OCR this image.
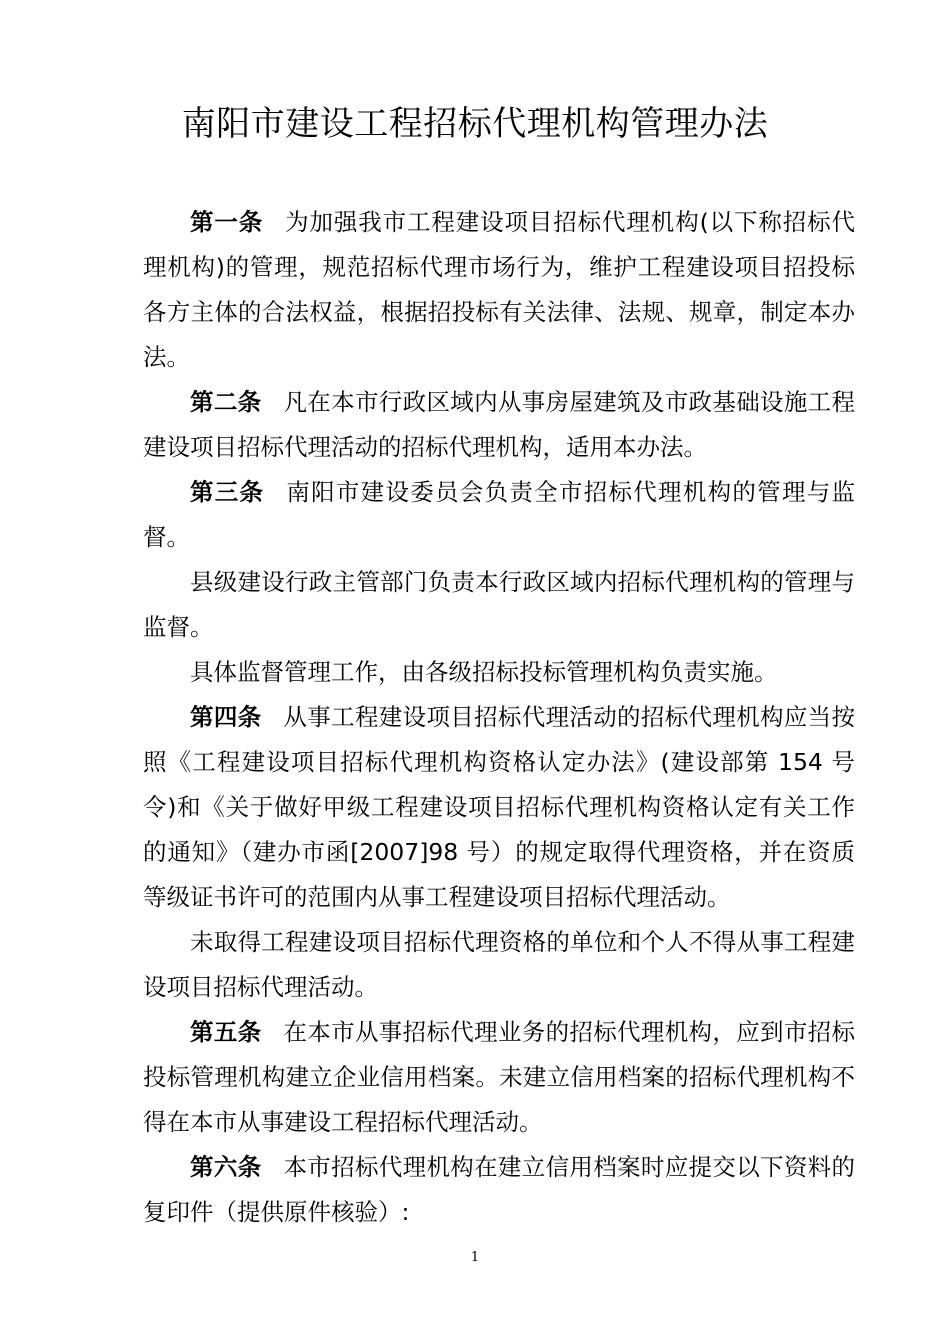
南阳市建设工程招标代理机构管理办法

第一条 为加强我市工程建设项目招标代理机构(以下称招标代理机构)的管理，规范招标代理市场行为，维护工程建设项目招投标各方主体的合法权益，根据招投标有关法律、法规、规章，制定本办法。

第二条 凡在本市行政区域内从事房屋建筑及市政基础设施工程建设项目招标代理活动的招标代理机构，适用本办法。

第三条 南阳市建设委员会负责全市招标代理机构的管理与监督。

县级建设行政主管部门负责本行政区域内招标代理机构的管理与监督。

具体监督管理工作，由各级招标投标管理机构负责实施。

第四条 从事工程建设项目招标代理活动的招标代理机构应当按照《工程建设项目招标代理机构资格认定办法》(建设部第 154 号令)和《关于做好甲级工程建设项目招标代理机构资格认定有关工作的通知》（建办市函[2007]98 号）的规定取得代理资格，并在资质等级证书许可的范围内从事工程建设项目招标代理活动。

未取得工程建设项目招标代理资格的单位和个人不得从事工程建设项目招标代理活动。

第五条 在本市从事招标代理业务的招标代理机构，应到市招标投标管理机构建立企业信用档案。未建立信用档案的招标代理机构不得在本市从事建设工程招标代理活动。

第六条 本市招标代理机构在建立信用档案时应提交以下资料的复印件（提供原件核验）:

1
